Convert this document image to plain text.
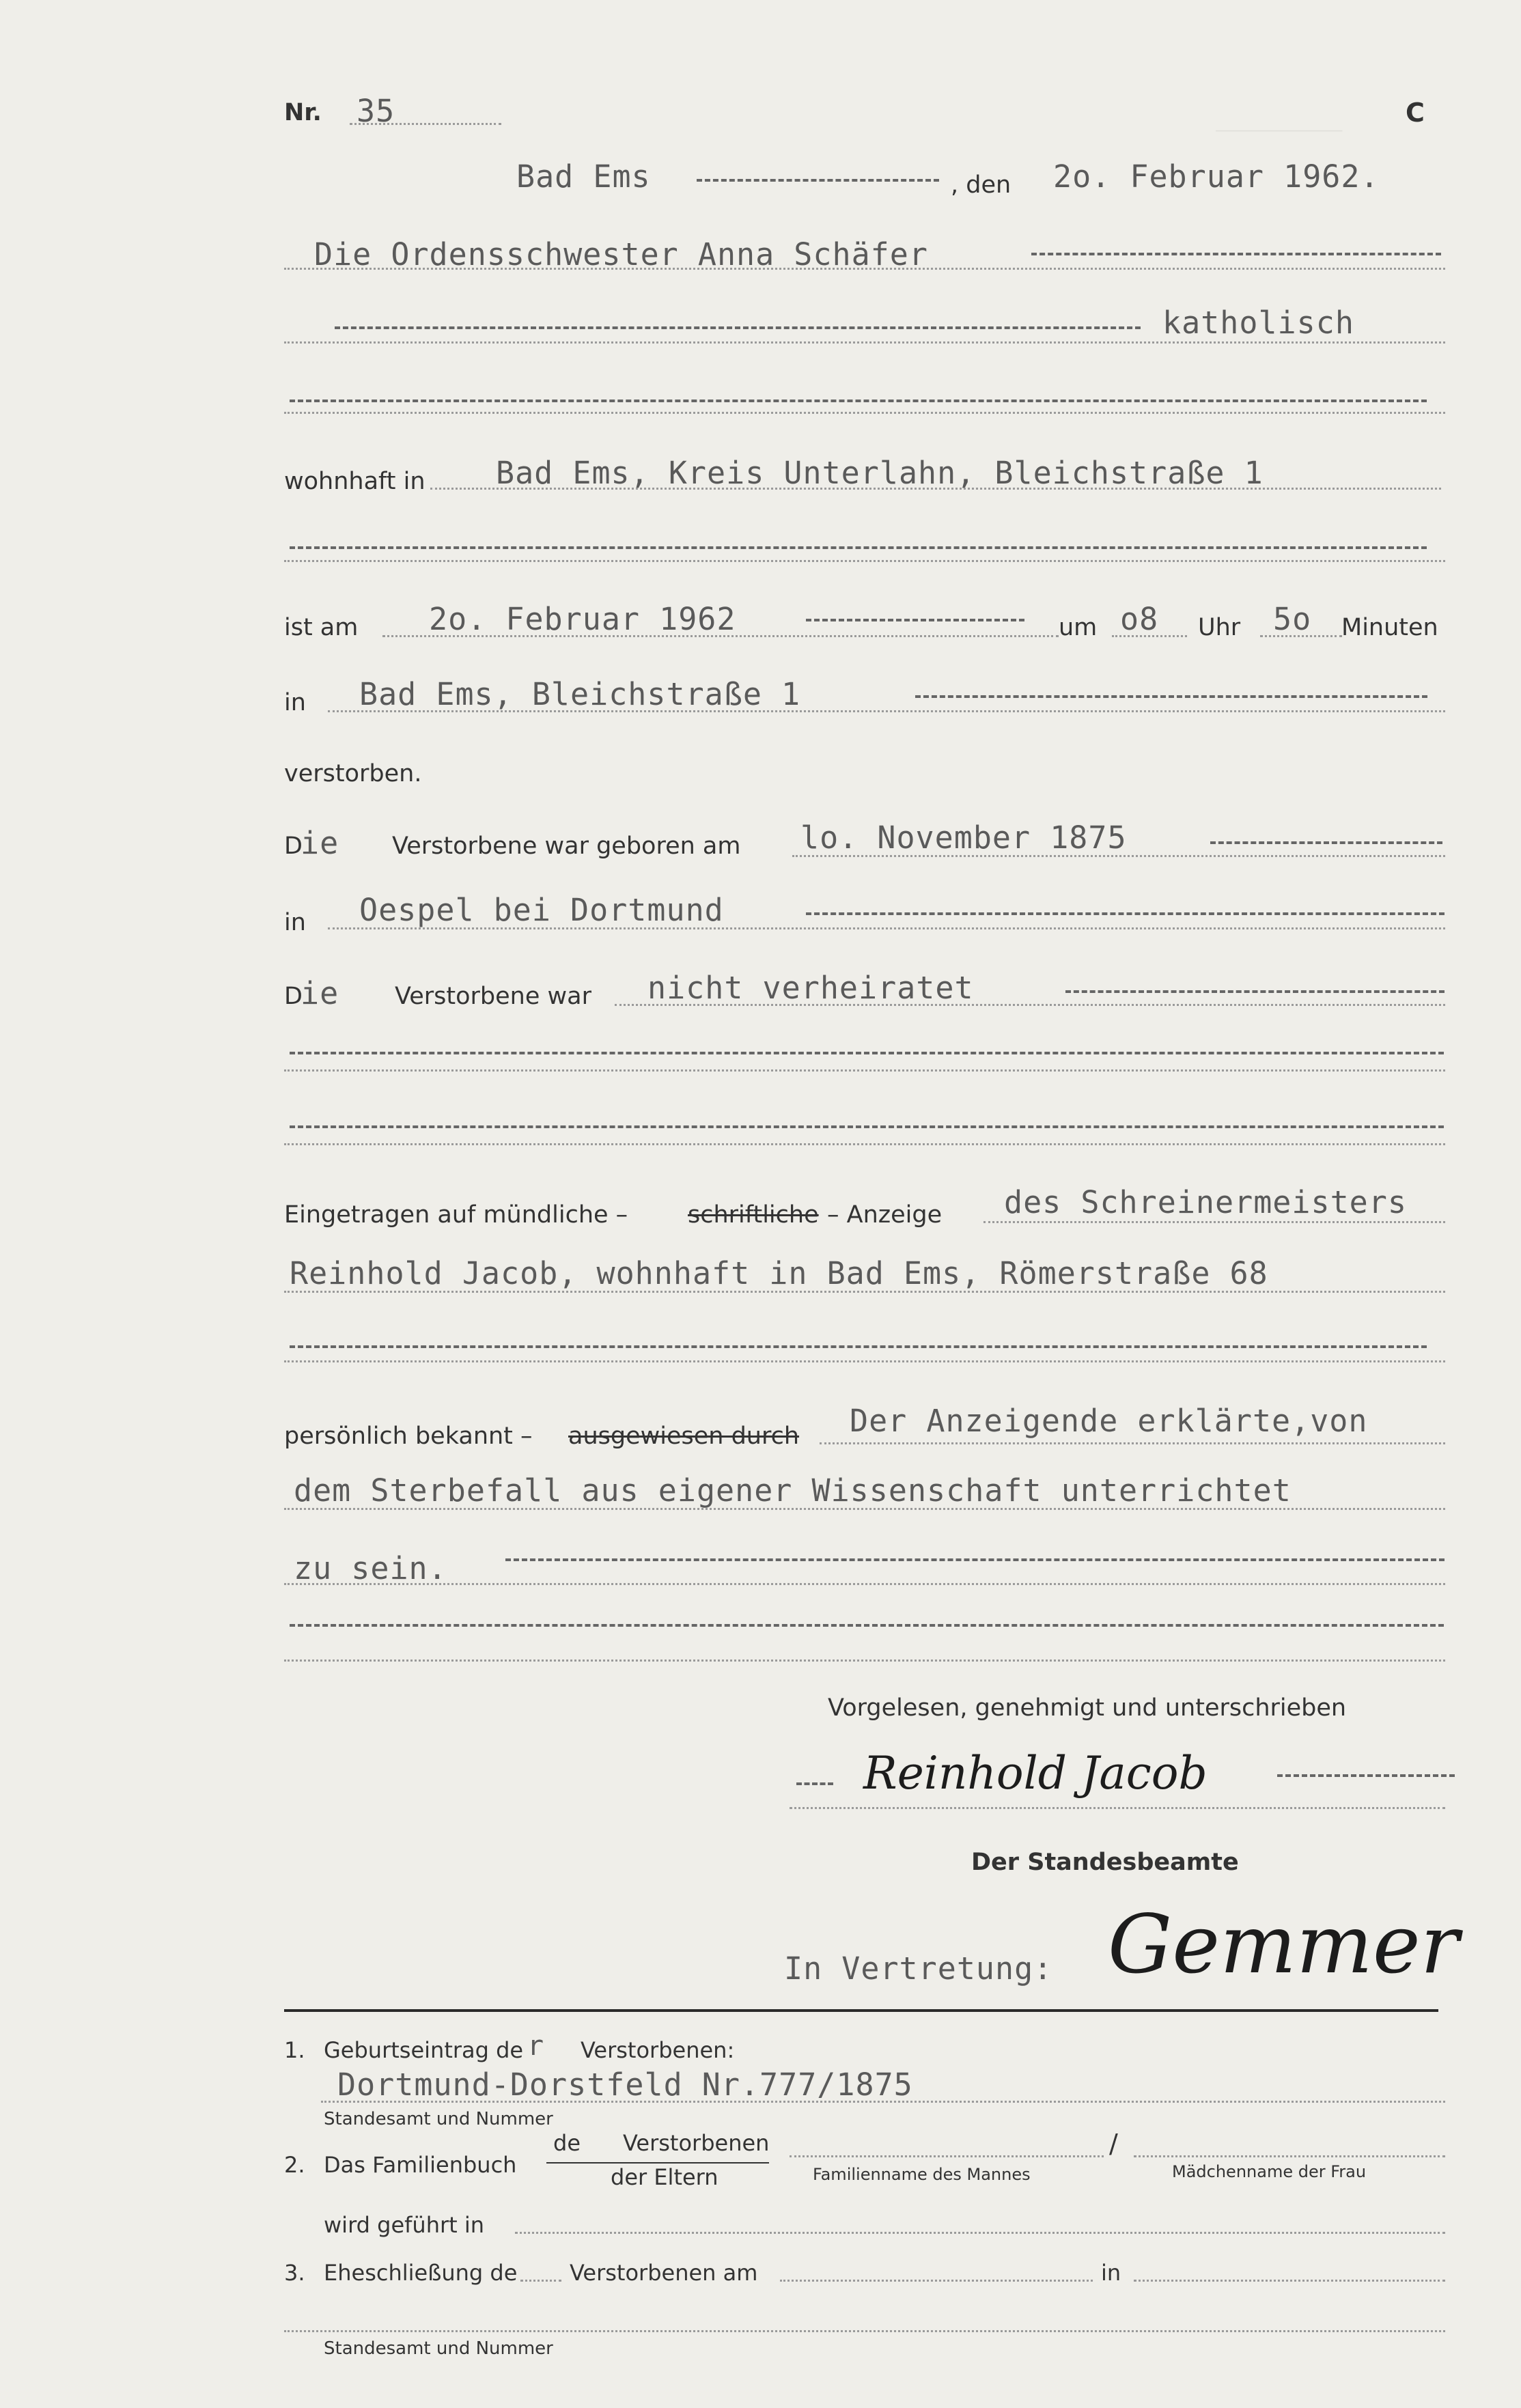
_______
Nr. 35	C
Bad Ems	, den 2o. Februar 1962.
Die Ordensschwester Anna Schäfer
katholisch
wohnhaft in Bad Ems, Kreis Unterlahn, Bleichstraße 1
ist am 2o. Februar 1962	um o8 Uhr 5o Minuten
in Bad Ems, Bleichstraße 1
verstorben.
D
ie Verstorbene war geboren am lo. November 1875
in Oespel bei Dortmund
D
ie Verstorbene war nicht verheiratet
Eingetragen auf mündliche –	schriftliche – Anzeige des Schreinermeisters
Reinhold Jacob, wohnhaft in Bad Ems, Römerstraße 68
persönlich bekannt – ausgewiesen durch Der Anzeigende erklärte,von
dem Sterbefall aus eigener Wissenschaft unterrichtet
zu sein.
Vorgelesen, genehmigt und unterschrieben
Reinhold Jacob
Der Standesbeamte
In Vertretung: Gemmer
1. Geburtseintrag de r Verstorbenen:
Dortmund-Dorstfeld Nr.777/1875
Standesamt und Nummer
2. Das Familienbuch
de Verstorbenen
der Eltern
/
Familienname des Mannes	Mädchenname der Frau
wird geführt in
3. Eheschließung de Verstorbenen am	in
Standesamt und Nummer
